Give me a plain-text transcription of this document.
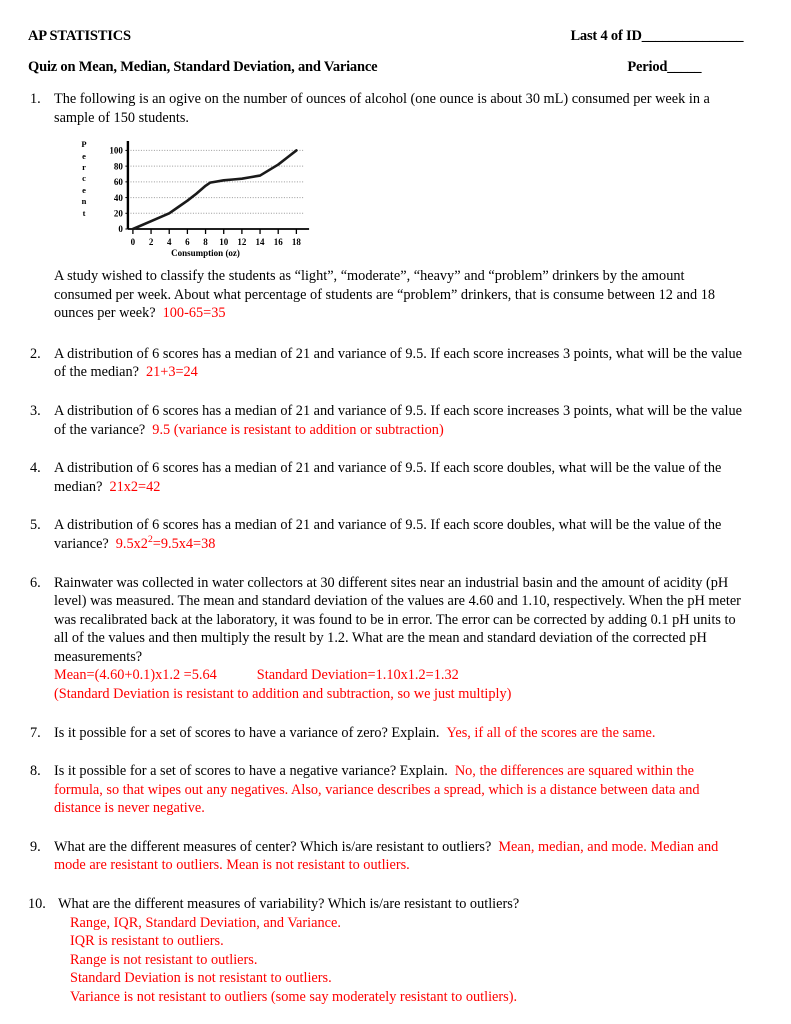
AP STATISTICS	Last 4 of ID_______________
Quiz on Mean, Median, Standard Deviation, and Variance	Period_____
1. The following is an ogive on the number of ounces of alcohol (one ounce is about 30 mL) consumed per week in a sample of 150 students.
P
e
r
c
e
n
t
0
20
40
60
80
100
0 2 4 6 8 10 12 14 16 18
Consumption (oz)
A study wished to classify the students as “light”, “moderate”, “heavy” and “problem” drinkers by the amount consumed per week. About what percentage of students are “problem” drinkers, that is consume between 12 and 18 ounces per week? 100-65=35
2. A distribution of 6 scores has a median of 21 and variance of 9.5. If each score increases 3 points, what will be the value of the median? 21+3=24
3. A distribution of 6 scores has a median of 21 and variance of 9.5. If each score increases 3 points, what will be the value of the variance? 9.5 (variance is resistant to addition or subtraction)
4. A distribution of 6 scores has a median of 21 and variance of 9.5. If each score doubles, what will be the value of the median? 21x2=42
5. A distribution of 6 scores has a median of 21 and variance of 9.5. If each score doubles, what will be the value of the variance? $9.5x2^2=9.5x4=38$
6. Rainwater was collected in water collectors at 30 different sites near an industrial basin and the amount of acidity (pH level) was measured. The mean and standard deviation of the values are 4.60 and 1.10, respectively. When the pH meter was recalibrated back at the laboratory, it was found to be in error. The error can be corrected by adding 0.1 pH units to all of the values and then multiply the result by 1.2. What are the mean and standard deviation of the corrected pH measurements?
Mean=(4.60+0.1)x1.2 =5.64	Standard Deviation=1.10x1.2=1.32
(Standard Deviation is resistant to addition and subtraction, so we just multiply)
7. Is it possible for a set of scores to have a variance of zero? Explain. Yes, if all of the scores are the same.
8. Is it possible for a set of scores to have a negative variance? Explain. No, the differences are squared within the formula, so that wipes out any negatives. Also, variance describes a spread, which is a distance between data and distance is never negative.
9. What are the different measures of center? Which is/are resistant to outliers? Mean, median, and mode. Median and mode are resistant to outliers. Mean is not resistant to outliers.
10. What are the different measures of variability? Which is/are resistant to outliers?
Range, IQR, Standard Deviation, and Variance.
IQR is resistant to outliers.
Range is not resistant to outliers.
Standard Deviation is not resistant to outliers.
Variance is not resistant to outliers (some say moderately resistant to outliers).
